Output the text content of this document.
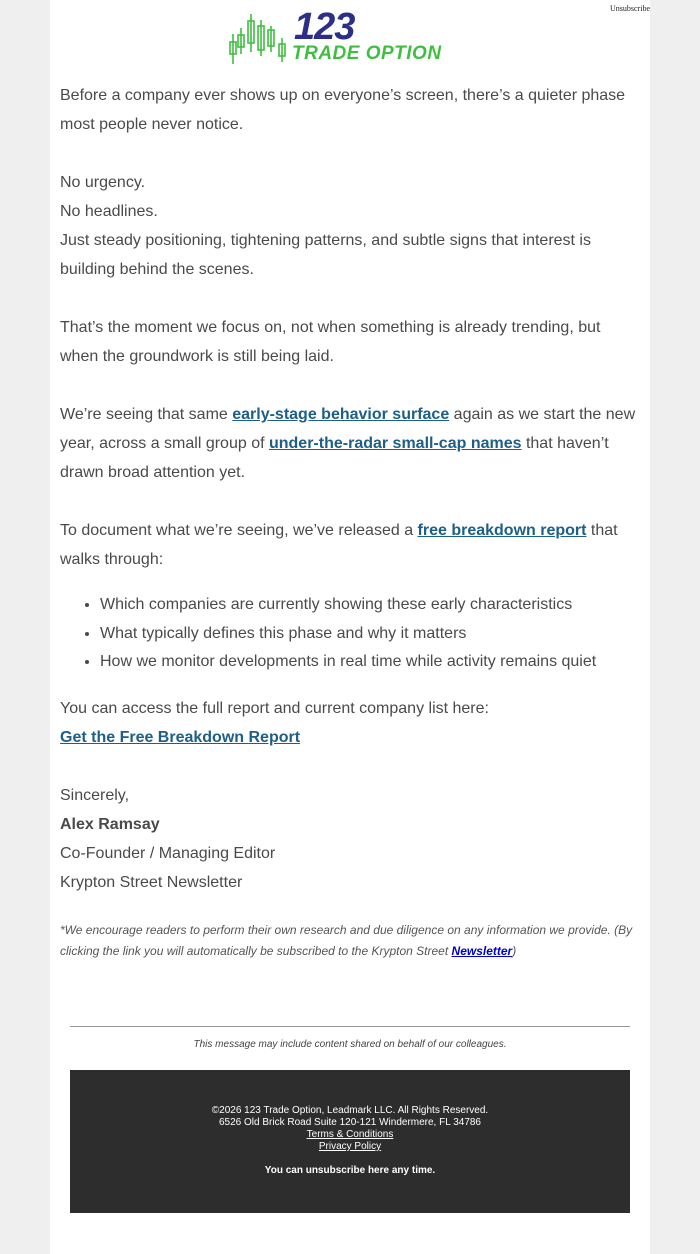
Unsubscribe
123
TRADE OPTION

Before a company ever shows up on everyone’s screen, there’s a quieter phase most people never notice.

No urgency.
No headlines.
Just steady positioning, tightening patterns, and subtle signs that interest is building behind the scenes.

That’s the moment we focus on, not when something is already trending, but when the groundwork is still being laid.

We’re seeing that same early-stage behavior surface again as we start the new year, across a small group of under-the-radar small-cap names that haven’t drawn broad attention yet.

To document what we’re seeing, we’ve released a free breakdown report that walks through:

• Which companies are currently showing these early characteristics
• What typically defines this phase and why it matters
• How we monitor developments in real time while activity remains quiet

You can access the full report and current company list here:
Get the Free Breakdown Report

Sincerely,
Alex Ramsay
Co-Founder / Managing Editor
Krypton Street Newsletter

*We encourage readers to perform their own research and due diligence on any information we provide. (By clicking the link you will automatically be subscribed to the Krypton Street Newsletter)
This message may include content shared on behalf of our colleagues.
©2026 123 Trade Option, Leadmark LLC. All Rights Reserved.
6526 Old Brick Road Suite 120-121 Windermere, FL 34786
Terms & Conditions
Privacy Policy
You can unsubscribe here any time.
